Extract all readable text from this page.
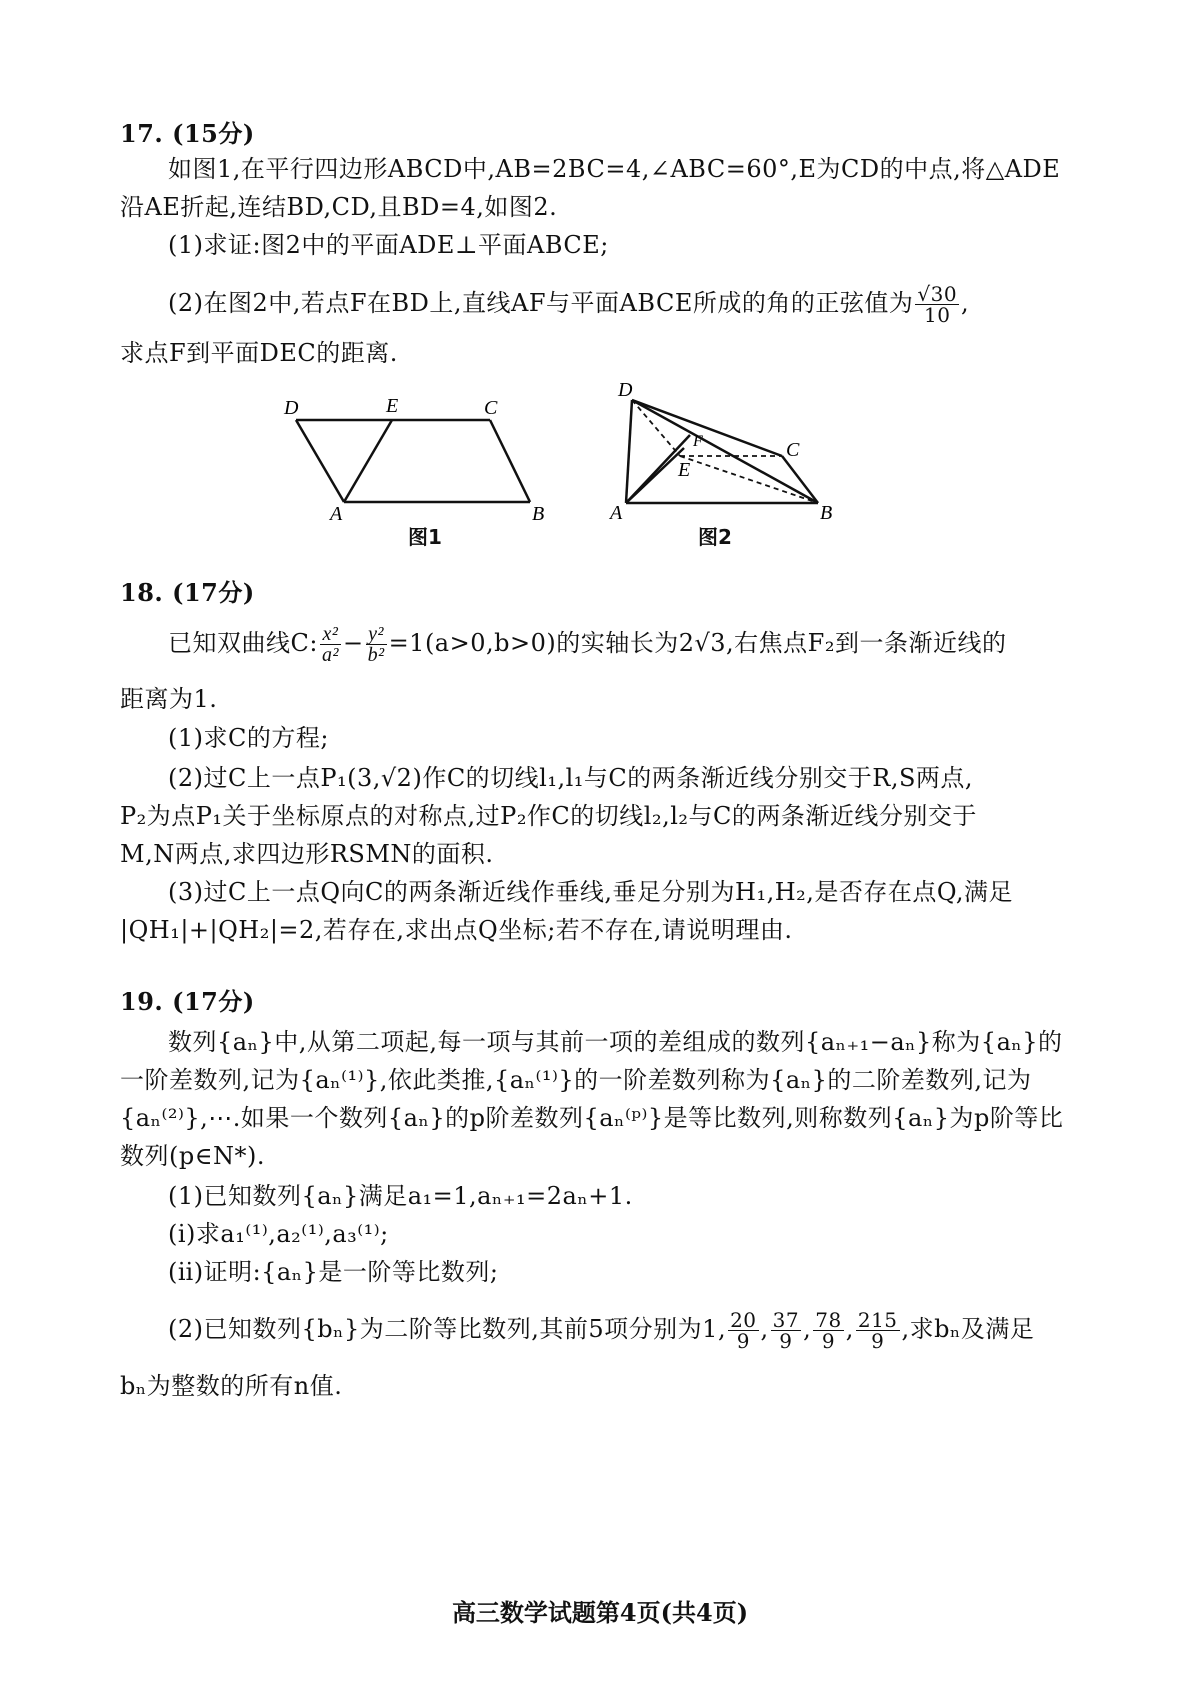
17. (15分)
如图1,在平行四边形ABCD中,AB=2BC=4,∠ABC=60°,E为CD的中点,将△ADE
沿AE折起,连结BD,CD,且BD=4,如图2.
(1)求证:图2中的平面ADE⊥平面ABCE;
(2)在图2中,若点F在BD上,直线AF与平面ABCE所成的角的正弦值为 $\frac{√30}{10}$ ,
求点F到平面DEC的距离.
D	E	C
A	B
图1
D
F
E
C
A	B
图2
18. (17分)
已知双曲线C: $\frac{\text{x²}}{\text{a²}} - \frac{\text{y²}}{\text{b²}} =1(a>0,b>0)$的实轴长为2√3,右焦点F₂到一条渐近线的
距离为1.
(1)求C的方程;
(2)过C上一点P₁(3,√2)作C的切线l₁,l₁与C的两条渐近线分别交于R,S两点,
P₂为点P₁关于坐标原点的对称点,过P₂作C的切线l₂,l₂与C的两条渐近线分别交于
M,N两点,求四边形RSMN的面积.
(3)过C上一点Q向C的两条渐近线作垂线,垂足分别为H₁,H₂,是否存在点Q,满足
|QH₁|+|QH₂|=2,若存在,求出点Q坐标;若不存在,请说明理由.
19. (17分)
数列{aₙ}中,从第二项起,每一项与其前一项的差组成的数列{aₙ₊₁−aₙ}称为{aₙ}的
一阶差数列,记为{aₙ⁽¹⁾},依此类推,{aₙ⁽¹⁾}的一阶差数列称为{aₙ}的二阶差数列,记为
{aₙ⁽²⁾},⋯.如果一个数列{aₙ}的p阶差数列{aₙ⁽ᵖ⁾}是等比数列,则称数列{aₙ}为p阶等比
数列(p∈N*).
(1)已知数列{aₙ}满足a₁=1,aₙ₊₁=2aₙ+1.
(ⅰ)求a₁⁽¹⁾,a₂⁽¹⁾,a₃⁽¹⁾;
(ⅱ)证明:{aₙ}是一阶等比数列;
(2)已知数列{bₙ}为二阶等比数列,其前5项分别为1, $\frac{20}{9}$ , $\frac{37}{9}$ , $\frac{78}{9}$ , $\frac{215}{9}$ ,求bₙ及满足
bₙ为整数的所有n值.
高三数学试题第4页(共4页)
